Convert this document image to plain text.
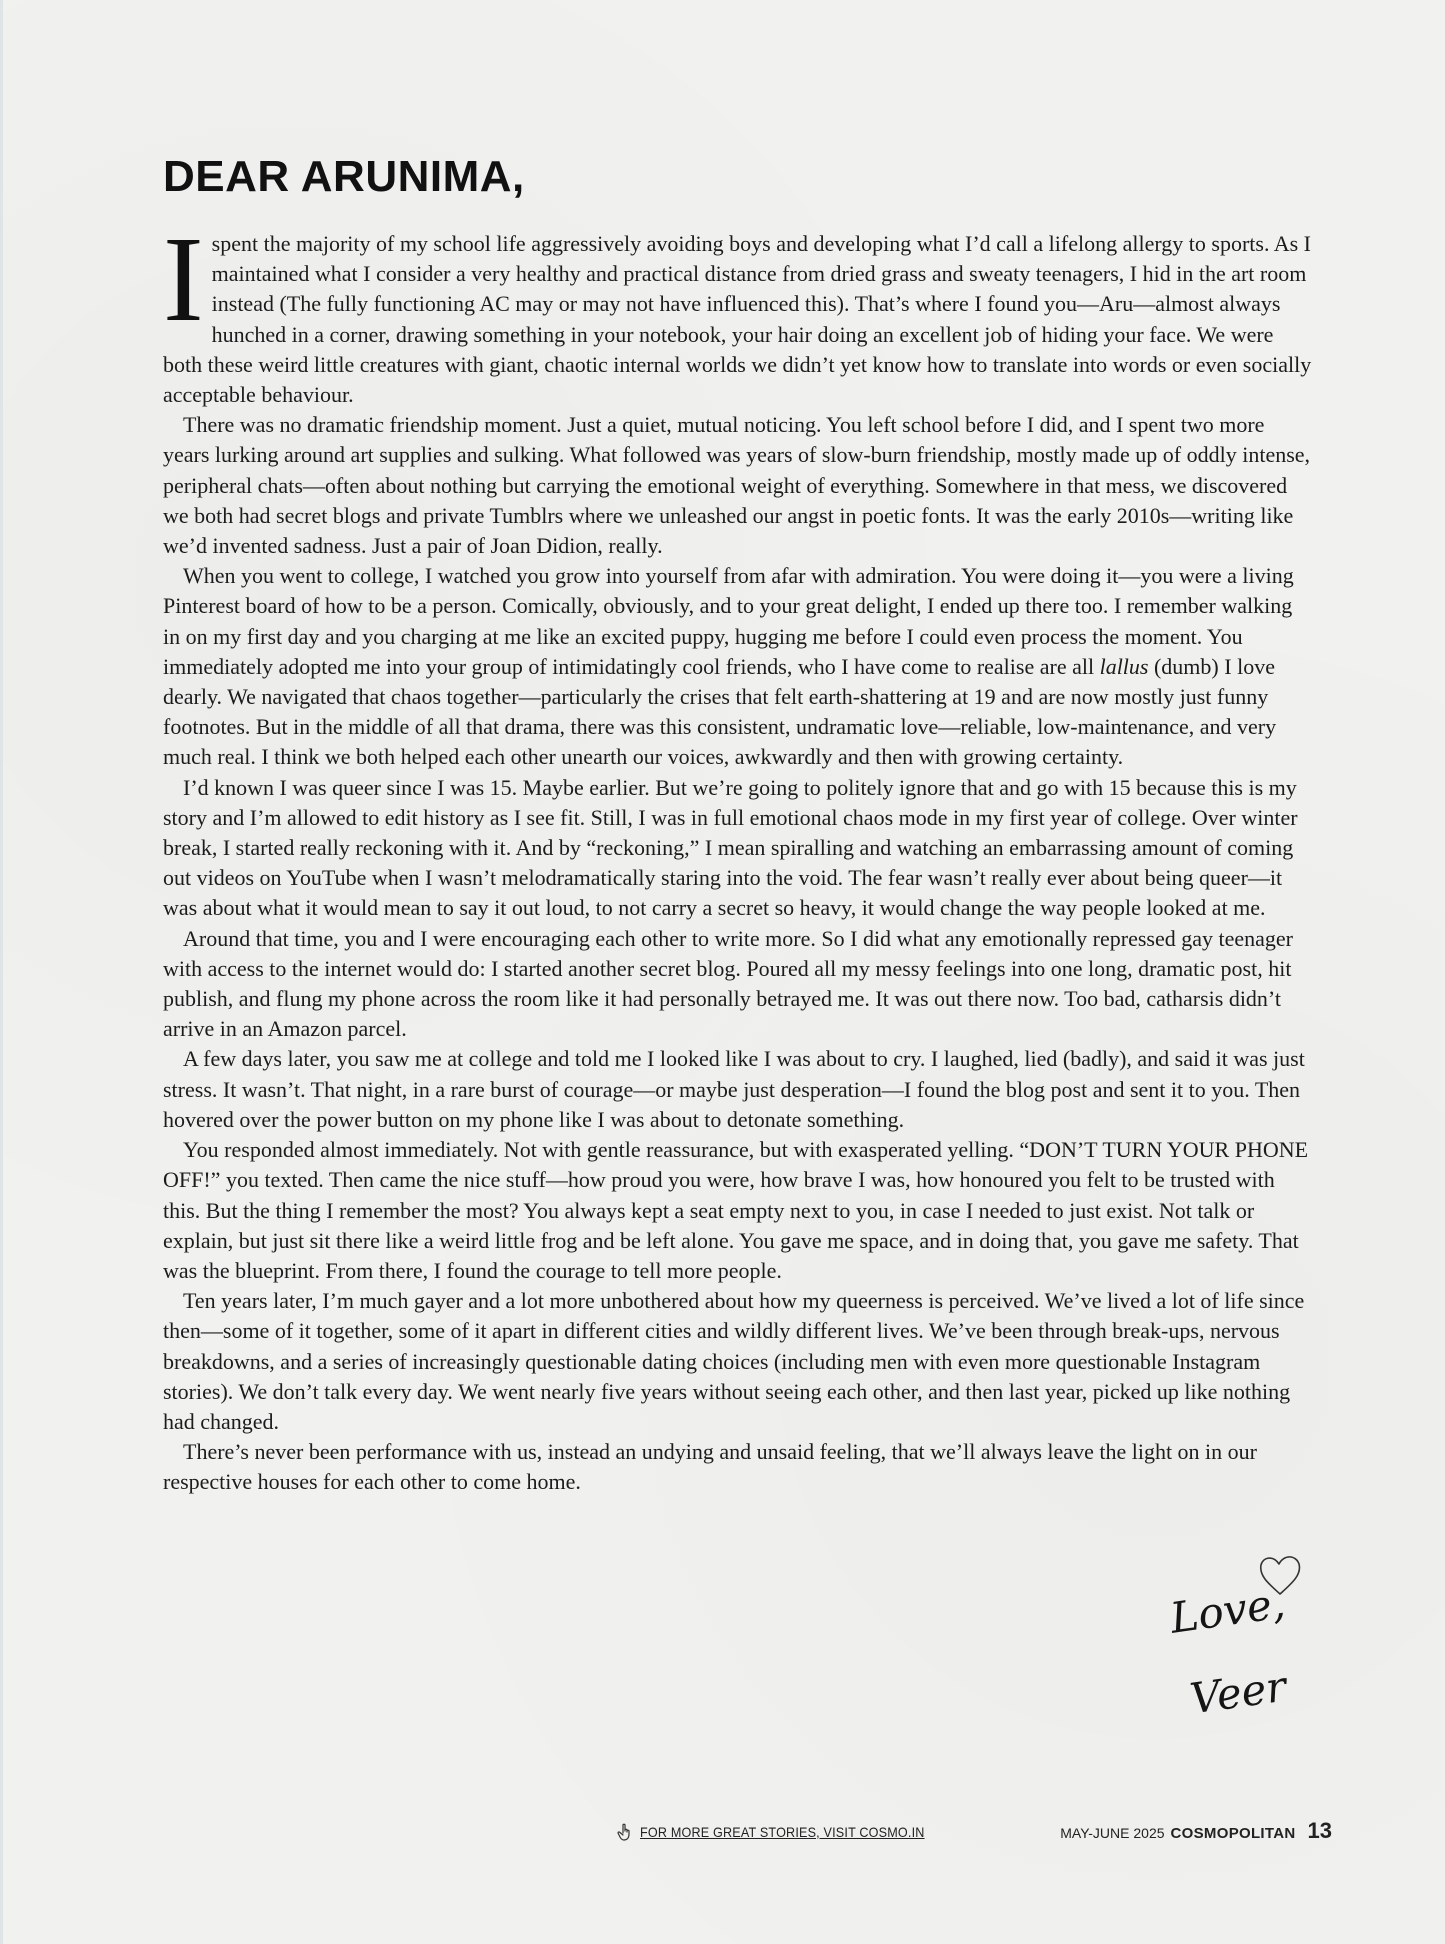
DEAR ARUNIMA,

Ispent the majority of my school life aggressively avoiding boys and developing what I’d call a lifelong allergy to sports. As I maintained what I consider a very healthy and practical distance from dried grass and sweaty teenagers, I hid in the art room instead (The fully functioning AC may or may not have influenced this). That’s where I found you—Aru—almost always hunched in a corner, drawing something in your notebook, your hair doing an excellent job of hiding your face. We were both these weird little creatures with giant, chaotic internal worlds we didn’t yet know how to translate into words or even socially acceptable behaviour.

There was no dramatic friendship moment. Just a quiet, mutual noticing. You left school before I did, and I spent two more years lurking around art supplies and sulking. What followed was years of slow-burn friendship, mostly made up of oddly intense, peripheral chats—often about nothing but carrying the emotional weight of everything. Somewhere in that mess, we discovered we both had secret blogs and private Tumblrs where we unleashed our angst in poetic fonts. It was the early 2010s—writing like we’d invented sadness. Just a pair of Joan Didion, really.

When you went to college, I watched you grow into yourself from afar with admiration. You were doing it—you were a living Pinterest board of how to be a person. Comically, obviously, and to your great delight, I ended up there too. I remember walking in on my first day and you charging at me like an excited puppy, hugging me before I could even process the moment. You immediately adopted me into your group of intimidatingly cool friends, who I have come to realise are all lallus (dumb) I love dearly. We navigated that chaos together—particularly the crises that felt earth-shattering at 19 and are now mostly just funny footnotes. But in the middle of all that drama, there was this consistent, undramatic love—reliable, low-maintenance, and very much real. I think we both helped each other unearth our voices, awkwardly and then with growing certainty.

I’d known I was queer since I was 15. Maybe earlier. But we’re going to politely ignore that and go with 15 because this is my story and I’m allowed to edit history as I see fit. Still, I was in full emotional chaos mode in my first year of college. Over winter break, I started really reckoning with it. And by “reckoning,” I mean spiralling and watching an embarrassing amount of coming out videos on YouTube when I wasn’t melodramatically staring into the void. The fear wasn’t really ever about being queer—it was about what it would mean to say it out loud, to not carry a secret so heavy, it would change the way people looked at me.

Around that time, you and I were encouraging each other to write more. So I did what any emotionally repressed gay teenager with access to the internet would do: I started another secret blog. Poured all my messy feelings into one long, dramatic post, hit publish, and flung my phone across the room like it had personally betrayed me. It was out there now. Too bad, catharsis didn’t arrive in an Amazon parcel.

A few days later, you saw me at college and told me I looked like I was about to cry. I laughed, lied (badly), and said it was just stress. It wasn’t. That night, in a rare burst of courage—or maybe just desperation—I found the blog post and sent it to you. Then hovered over the power button on my phone like I was about to detonate something.

You responded almost immediately. Not with gentle reassurance, but with exasperated yelling. “DON’T TURN YOUR PHONE OFF!” you texted. Then came the nice stuff—how proud you were, how brave I was, how honoured you felt to be trusted with this. But the thing I remember the most? You always kept a seat empty next to you, in case I needed to just exist. Not talk or explain, but just sit there like a weird little frog and be left alone. You gave me space, and in doing that, you gave me safety. That was the blueprint. From there, I found the courage to tell more people.

Ten years later, I’m much gayer and a lot more unbothered about how my queerness is perceived. We’ve lived a lot of life since then—some of it together, some of it apart in different cities and wildly different lives. We’ve been through break-ups, nervous breakdowns, and a series of increasingly questionable dating choices (including men with even more questionable Instagram stories). We don’t talk every day. We went nearly five years without seeing each other, and then last year, picked up like nothing had changed.

There’s never been performance with us, instead an undying and unsaid feeling, that we’ll always leave the light on in our respective houses for each other to come home.

Love,

Veer

FOR MORE GREAT STORIES, VISIT COSMO.IN	MAY-JUNE 2025 COSMOPOLITAN 13
